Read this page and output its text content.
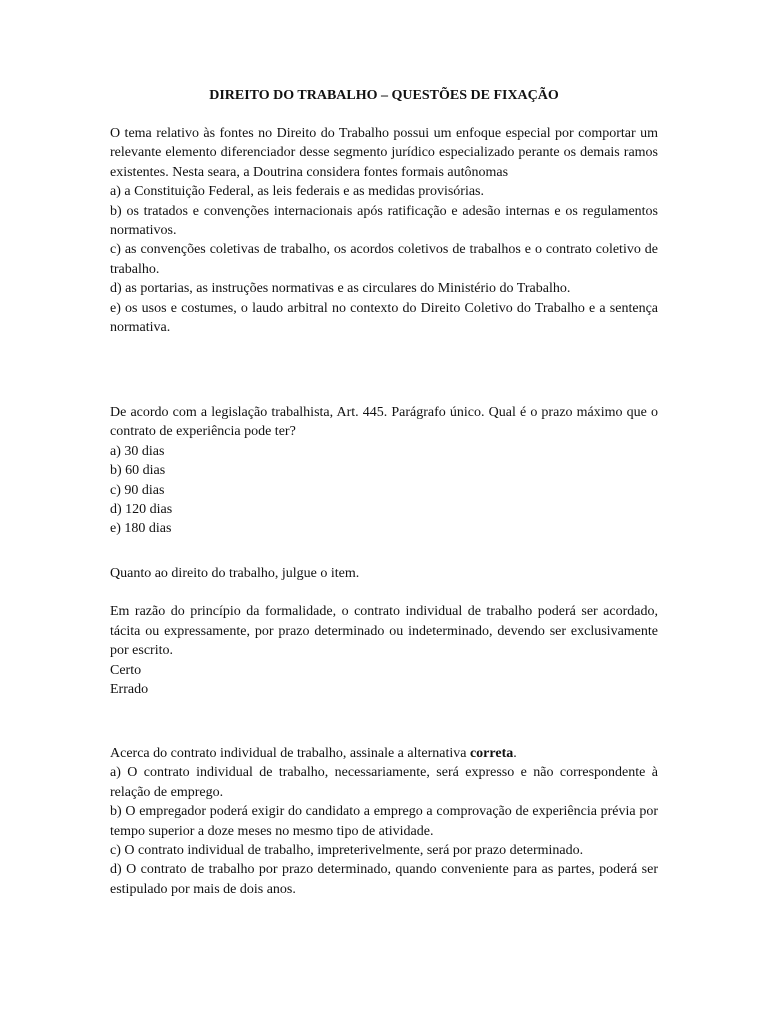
DIREITO DO TRABALHO – QUESTÕES DE FIXAÇÃO

O tema relativo às fontes no Direito do Trabalho possui um enfoque especial por comportar um relevante elemento diferenciador desse segmento jurídico especializado perante os demais ramos existentes. Nesta seara, a Doutrina considera fontes formais autônomas

a) a Constituição Federal, as leis federais e as medidas provisórias.

b) os tratados e convenções internacionais após ratificação e adesão internas e os regulamentos normativos.

c) as convenções coletivas de trabalho, os acordos coletivos de trabalhos e o contrato coletivo de trabalho.

d) as portarias, as instruções normativas e as circulares do Ministério do Trabalho.

e) os usos e costumes, o laudo arbitral no contexto do Direito Coletivo do Trabalho e a sentença normativa.

De acordo com a legislação trabalhista, Art. 445. Parágrafo único. Qual é o prazo máximo que o contrato de experiência pode ter?

a) 30 dias

b) 60 dias

c) 90 dias

d) 120 dias

e) 180 dias

Quanto ao direito do trabalho, julgue o item.

Em razão do princípio da formalidade, o contrato individual de trabalho poderá ser acordado, tácita ou expressamente, por prazo determinado ou indeterminado, devendo ser exclusivamente por escrito.

Certo

Errado

Acerca do contrato individual de trabalho, assinale a alternativa correta.

a) O contrato individual de trabalho, necessariamente, será expresso e não correspondente à relação de emprego.

b) O empregador poderá exigir do candidato a emprego a comprovação de experiência prévia por tempo superior a doze meses no mesmo tipo de atividade.

c) O contrato individual de trabalho, impreterivelmente, será por prazo determinado.

d) O contrato de trabalho por prazo determinado, quando conveniente para as partes, poderá ser estipulado por mais de dois anos.
